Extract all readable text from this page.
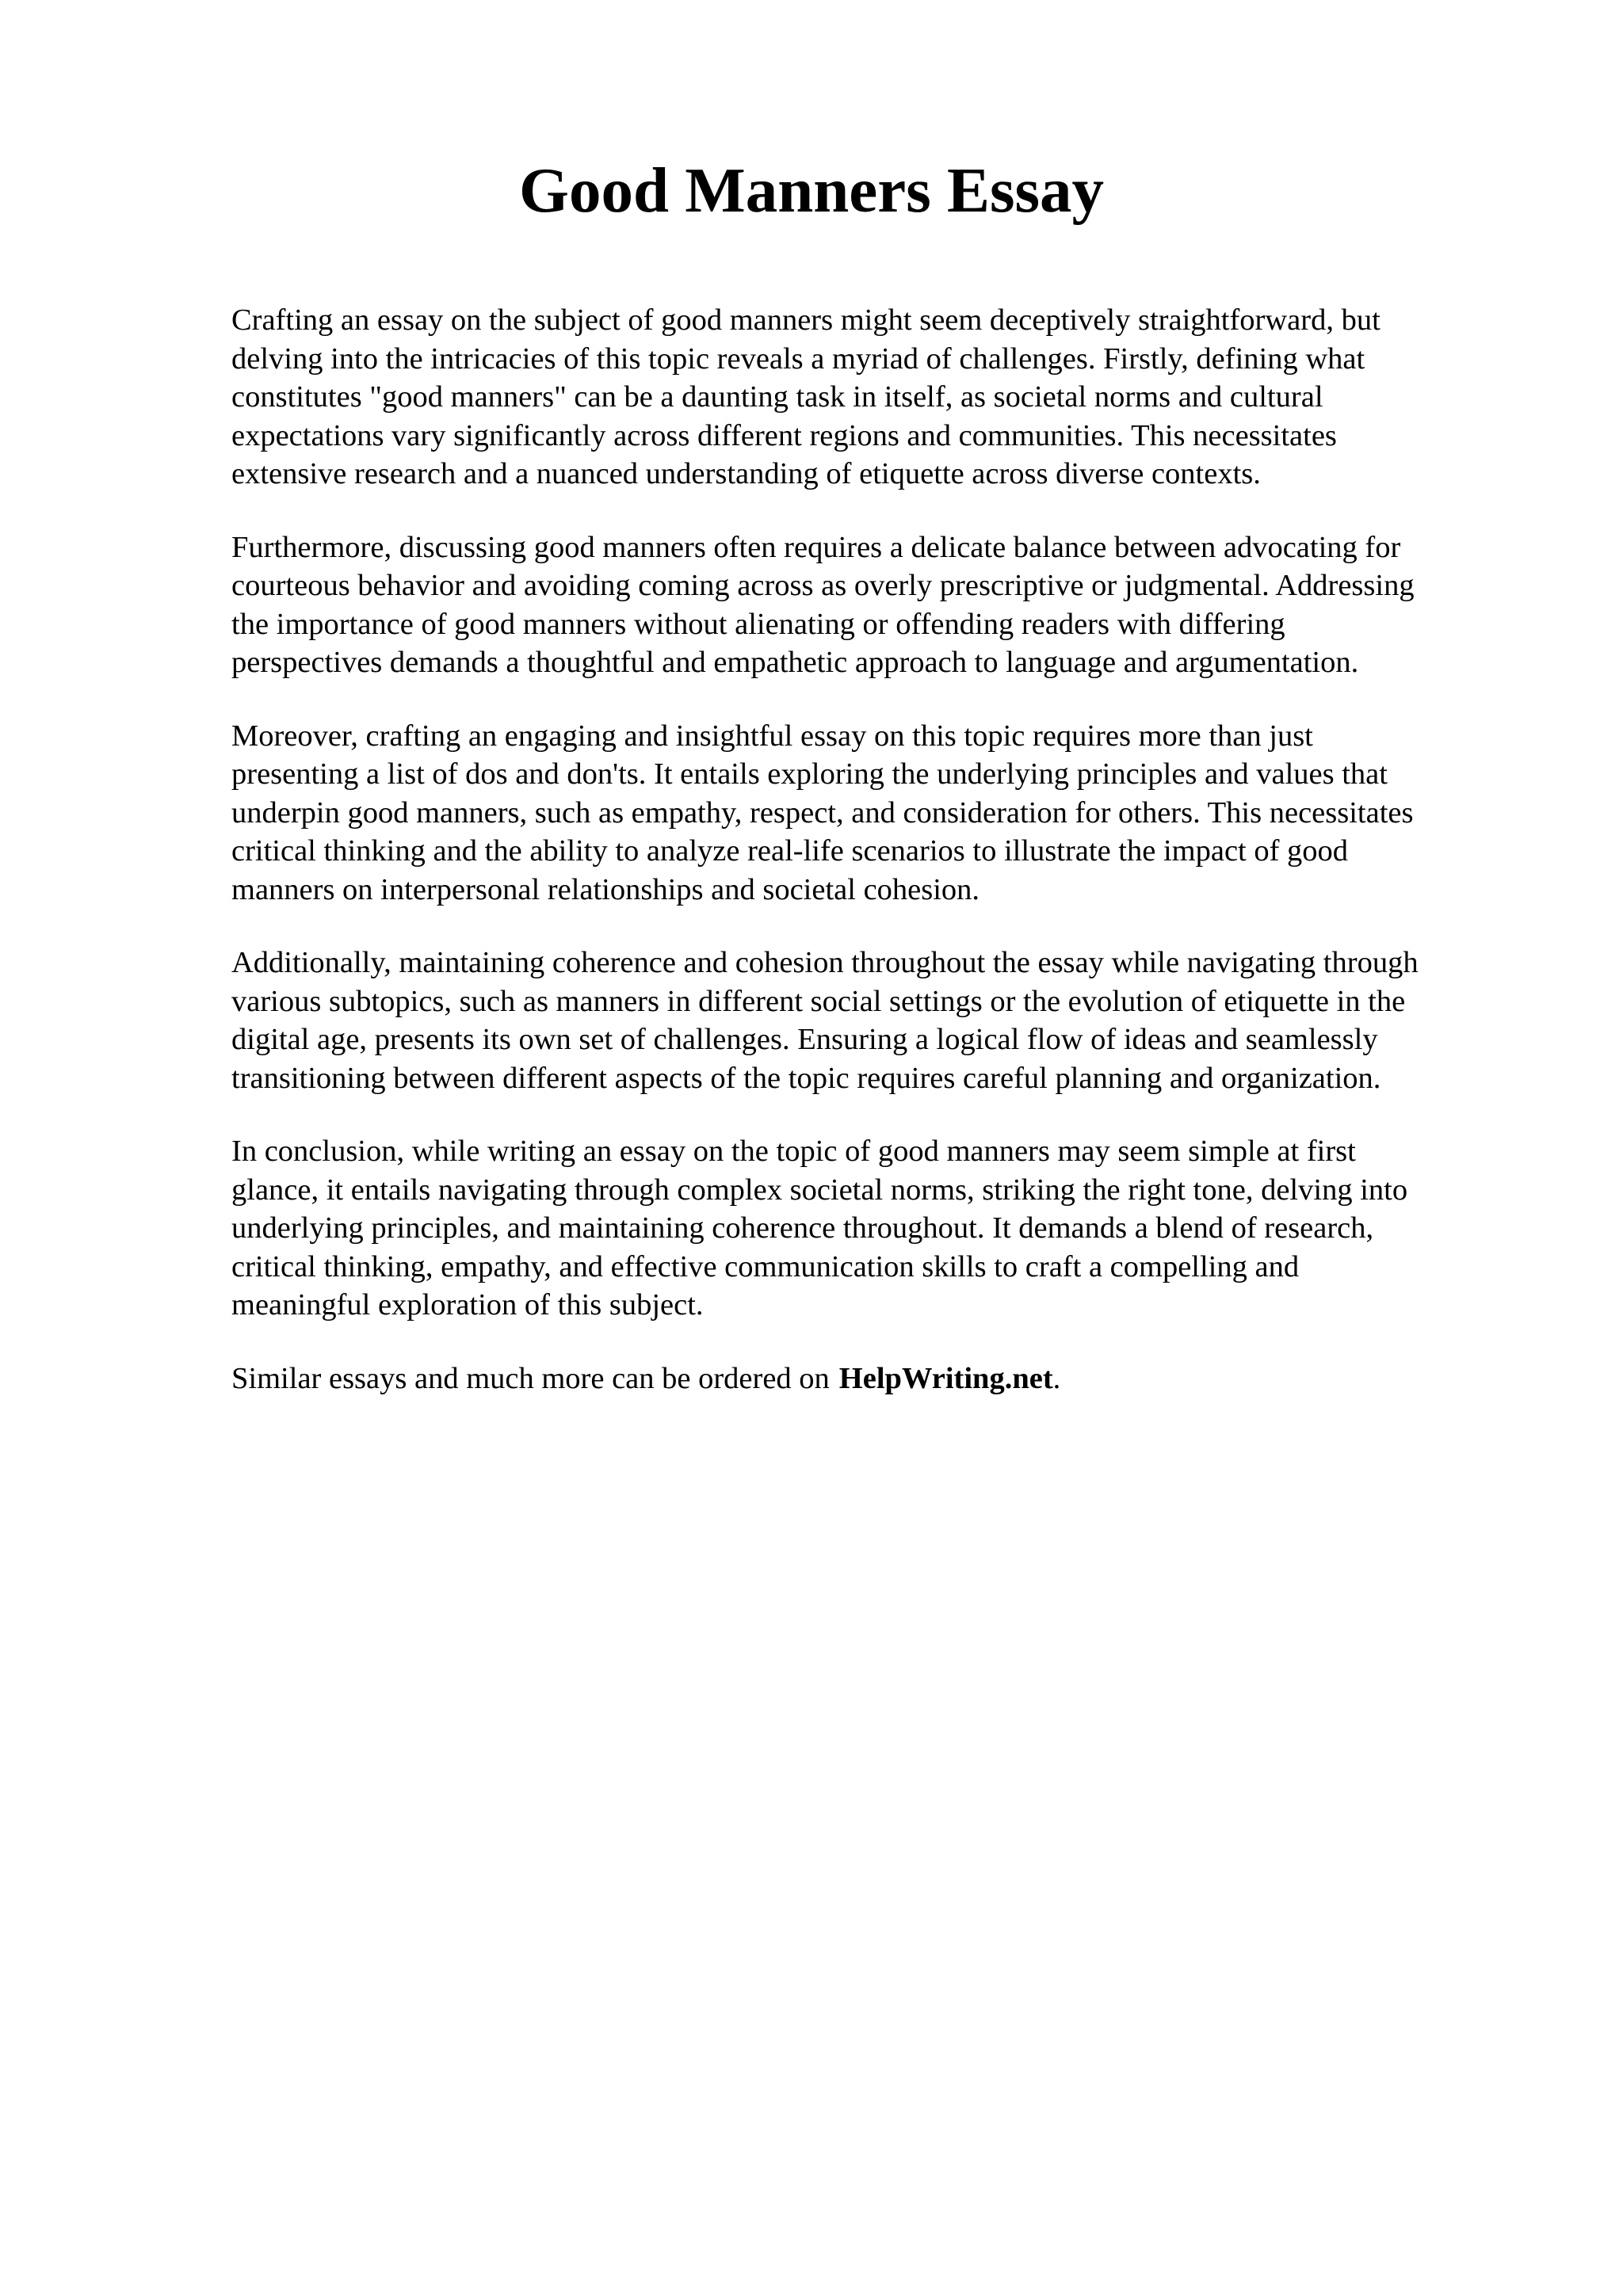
Good Manners Essay

Crafting an essay on the subject of good manners might seem deceptively straightforward, but
delving into the intricacies of this topic reveals a myriad of challenges. Firstly, defining what
constitutes "good manners" can be a daunting task in itself, as societal norms and cultural
expectations vary significantly across different regions and communities. This necessitates
extensive research and a nuanced understanding of etiquette across diverse contexts.

Furthermore, discussing good manners often requires a delicate balance between advocating for
courteous behavior and avoiding coming across as overly prescriptive or judgmental. Addressing
the importance of good manners without alienating or offending readers with differing
perspectives demands a thoughtful and empathetic approach to language and argumentation.

Moreover, crafting an engaging and insightful essay on this topic requires more than just
presenting a list of dos and don'ts. It entails exploring the underlying principles and values that
underpin good manners, such as empathy, respect, and consideration for others. This necessitates
critical thinking and the ability to analyze real-life scenarios to illustrate the impact of good
manners on interpersonal relationships and societal cohesion.

Additionally, maintaining coherence and cohesion throughout the essay while navigating through
various subtopics, such as manners in different social settings or the evolution of etiquette in the
digital age, presents its own set of challenges. Ensuring a logical flow of ideas and seamlessly
transitioning between different aspects of the topic requires careful planning and organization.

In conclusion, while writing an essay on the topic of good manners may seem simple at first
glance, it entails navigating through complex societal norms, striking the right tone, delving into
underlying principles, and maintaining coherence throughout. It demands a blend of research,
critical thinking, empathy, and effective communication skills to craft a compelling and
meaningful exploration of this subject.

Similar essays and much more can be ordered on HelpWriting.net.
